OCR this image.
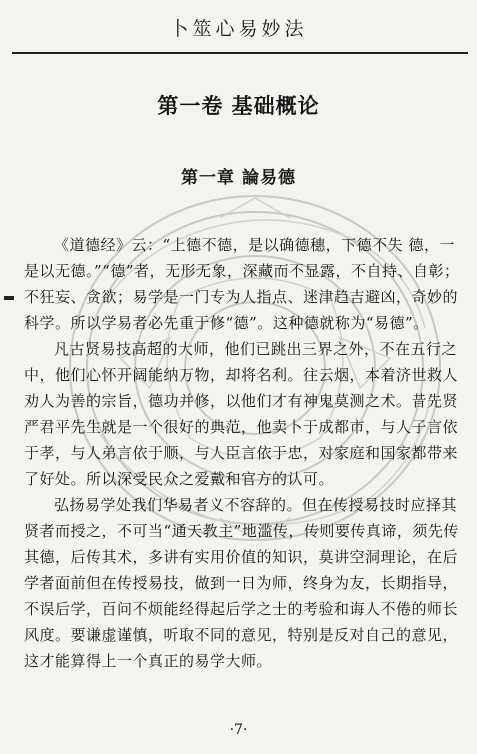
卜筮心易妙法
第一卷 基础概论
第一章 論易德

《道德经》云：“上德不德，是以确德穗，下德不失 德，一是以无德。”“德”者，无形无象，深藏而不显露，不自持、自彰；不狂妄、贪欲；易学是一门专为人指点、迷津趋吉避凶，奇妙的科学。所以学易者必先重于修“德”。这种德就称为“易德”。

凡古贤易技高超的大师，他们已跳出三界之外，不在五行之中，他们心怀开阔能纳万物，却将名利。往云烟，本着济世救人劝人为善的宗旨，德功并修，以他们才有神鬼莫测之术。昔先贤严君平先生就是一个很好的典范，他卖卜于成都市，与人子言依于孝，与人弟言依于顺，与人臣言依于忠，对家庭和国家都带来了好处。所以深受民众之爱戴和官方的认可。

弘扬易学处我们华易者义不容辞的。但在传授易技时应择其贤者而授之，不可当“通天教主”地滥传，传则要传真谛，须先传其德，后传其术，多讲有实用价值的知识，莫讲空洞理论，在后学者面前但在传授易技，做到一日为师，终身为友，长期指导，不误后学，百问不烦能经得起后学之士的考验和诲人不倦的师长风度。要谦虚谨慎，听取不同的意见，特别是反对自己的意见，这才能算得上一个真正的易学大师。

·7·
